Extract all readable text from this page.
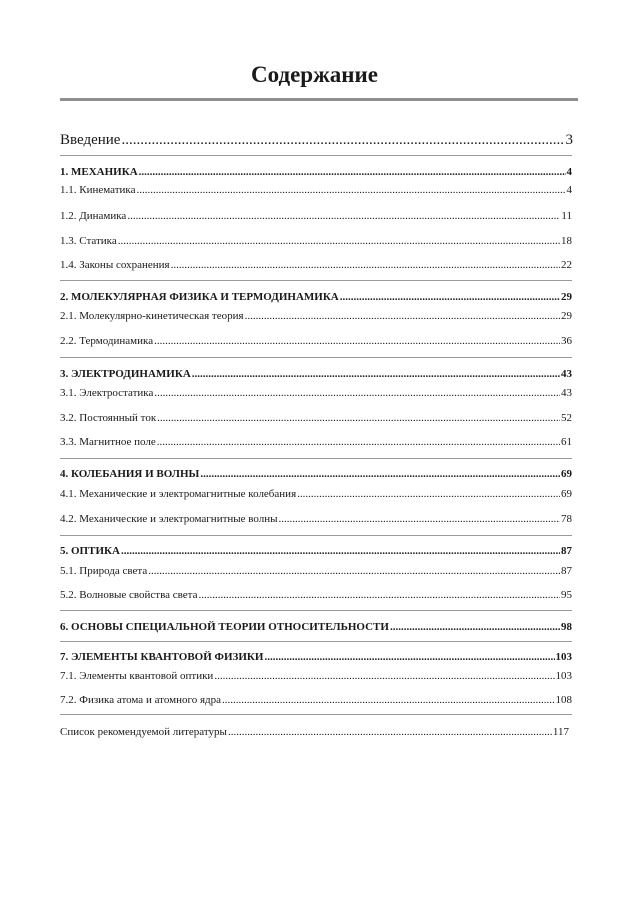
Содержание
Введение .....	3
1. МЕХАНИКА .....	4
1.1. Кинематика .....	4
1.2. Динамика .....	11
1.3. Статика .....	18
1.4. Законы сохранения .....	22
2. МОЛЕКУЛЯРНАЯ ФИЗИКА И ТЕРМОДИНАМИКА .....	29
2.1. Молекулярно-кинетическая теория .....	29
2.2. Термодинамика .....	36
3. ЭЛЕКТРОДИНАМИКА .....	43
3.1. Электростатика .....	43
3.2. Постоянный ток .....	52
3.3. Магнитное поле .....	61
4. КОЛЕБАНИЯ И ВОЛНЫ .....	69
4.1. Механические и электромагнитные колебания .....	69
4.2. Механические и электромагнитные волны .....	78
5. ОПТИКА .....	87
5.1. Природа света .....	87
5.2. Волновые свойства света .....	95
6. ОСНОВЫ СПЕЦИАЛЬНОЙ ТЕОРИИ ОТНОСИТЕЛЬНОСТИ .....	98
7. ЭЛЕМЕНТЫ КВАНТОВОЙ ФИЗИКИ .....	103
7.1. Элементы квантовой оптики .....	103
7.2. Физика атома и атомного ядра .....	108
Список рекомендуемой литературы .....	117
